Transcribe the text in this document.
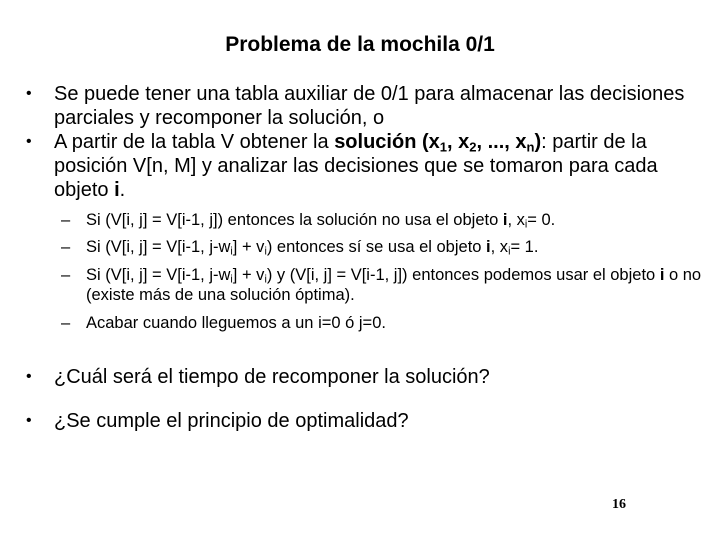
Problema de la mochila 0/1
• Se puede tener una tabla auxiliar de 0/1 para almacenar las decisiones parciales y recomponer la solución, o
• A partir de la tabla V obtener la solución ($x_1$, $x_2$, ..., $x_n$): partir de la posición V[n, M] y analizar las decisiones que se tomaron para cada objeto i.
– Si (V[i, j] = V[i-1, j]) entonces la solución no usa el objeto i, $x_i= 0$.
– Si (V[i, j] = V[i-1, $j-w_i] + v_i$) entonces sí se usa el objeto i, $x_i= 1$.
– Si (V[i, j] = V[i-1, $j-w_i] + v_i$) y (V[i, j] = V[i-1, j]) entonces podemos usar el objeto i o no (existe más de una solución óptima).
– Acabar cuando lleguemos a un i=0 ó j=0.
• ¿Cuál será el tiempo de recomponer la solución?
• ¿Se cumple el principio de optimalidad?
16
